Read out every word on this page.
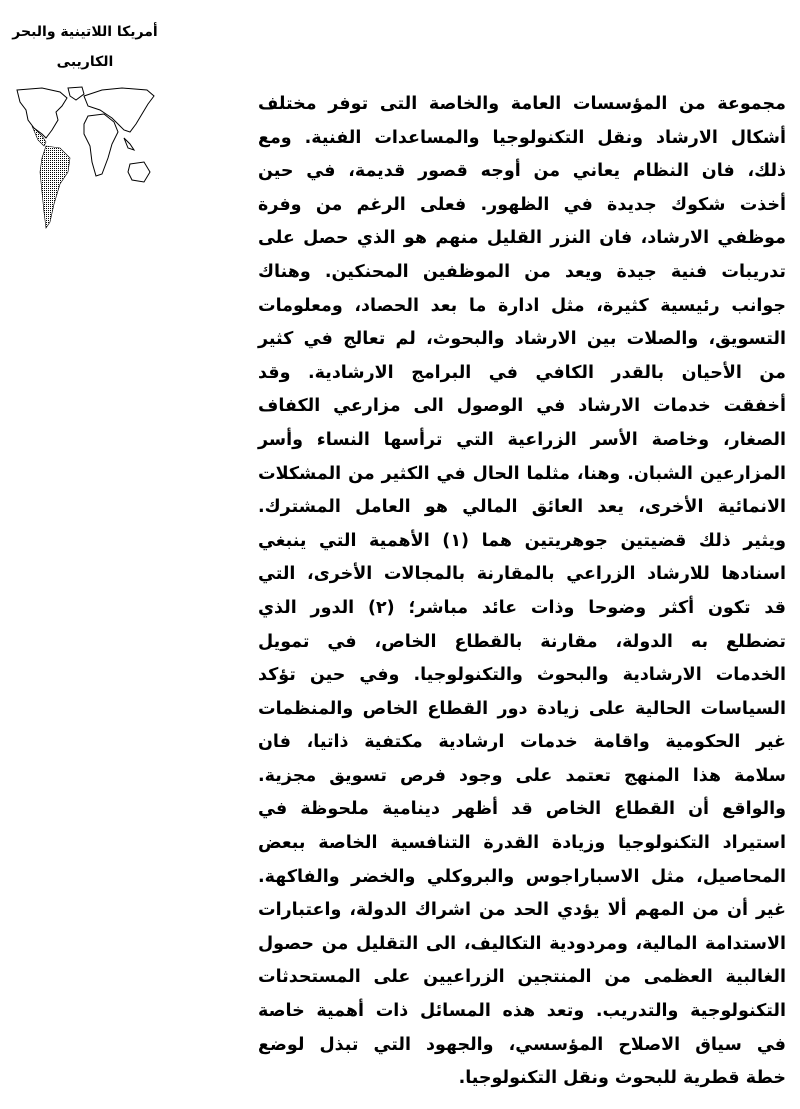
أمريكا اللاتينية والبحر
الكاريبى
مجموعة من المؤسسات العامة والخاصة التى توفر مختلف
أشكال الارشاد ونقل التكنولوجيا والمساعدات الفنية. ومع
ذلك، فان النظام يعاني من أوجه قصور قديمة، في حين
أخذت شكوك جديدة في الظهور. فعلى الرغم من وفرة
موظفي الارشاد، فان النزر القليل منهم هو الذي حصل على
تدريبات فنية جيدة ويعد من الموظفين المحنكين. وهناك
جوانب رئيسية كثيرة، مثل ادارة ما بعد الحصاد، ومعلومات
التسويق، والصلات بين الارشاد والبحوث، لم تعالج في كثير
من الأحيان بالقدر الكافي في البرامج الارشادية. وقد
أخفقت خدمات الارشاد في الوصول الى مزارعي الكفاف
الصغار، وخاصة الأسر الزراعية التي ترأسها النساء وأسر
المزارعين الشبان. وهنا، مثلما الحال في الكثير من المشكلات
الانمائية الأخرى، يعد العائق المالي هو العامل المشترك.
ويثير ذلك قضيتين جوهريتين هما (١) الأهمية التي ينبغي
اسنادها للارشاد الزراعي بالمقارنة بالمجالات الأخرى، التي
قد تكون أكثر وضوحا وذات عائد مباشر؛ (٢) الدور الذي
تضطلع به الدولة، مقارنة بالقطاع الخاص، في تمويل
الخدمات الارشادية والبحوث والتكنولوجيا. وفي حين تؤكد
السياسات الحالية على زيادة دور القطاع الخاص والمنظمات
غير الحكومية واقامة خدمات ارشادية مكتفية ذاتيا، فان
سلامة هذا المنهج تعتمد على وجود فرص تسويق مجزية.
والواقع أن القطاع الخاص قد أظهر دينامية ملحوظة في
استيراد التكنولوجيا وزيادة القدرة التنافسية الخاصة ببعض
المحاصيل، مثل الاسباراجوس والبروكلي والخضر والفاكهة.
غير أن من المهم ألا يؤدي الحد من اشراك الدولة، واعتبارات
الاستدامة المالية، ومردودية التكاليف، الى التقليل من حصول
الغالبية العظمى من المنتجين الزراعيين على المستحدثات
التكنولوجية والتدريب. وتعد هذه المسائل ذات أهمية خاصة
في سياق الاصلاح المؤسسي، والجهود التي تبذل لوضع
خطة قطرية للبحوث ونقل التكنولوجيا.
